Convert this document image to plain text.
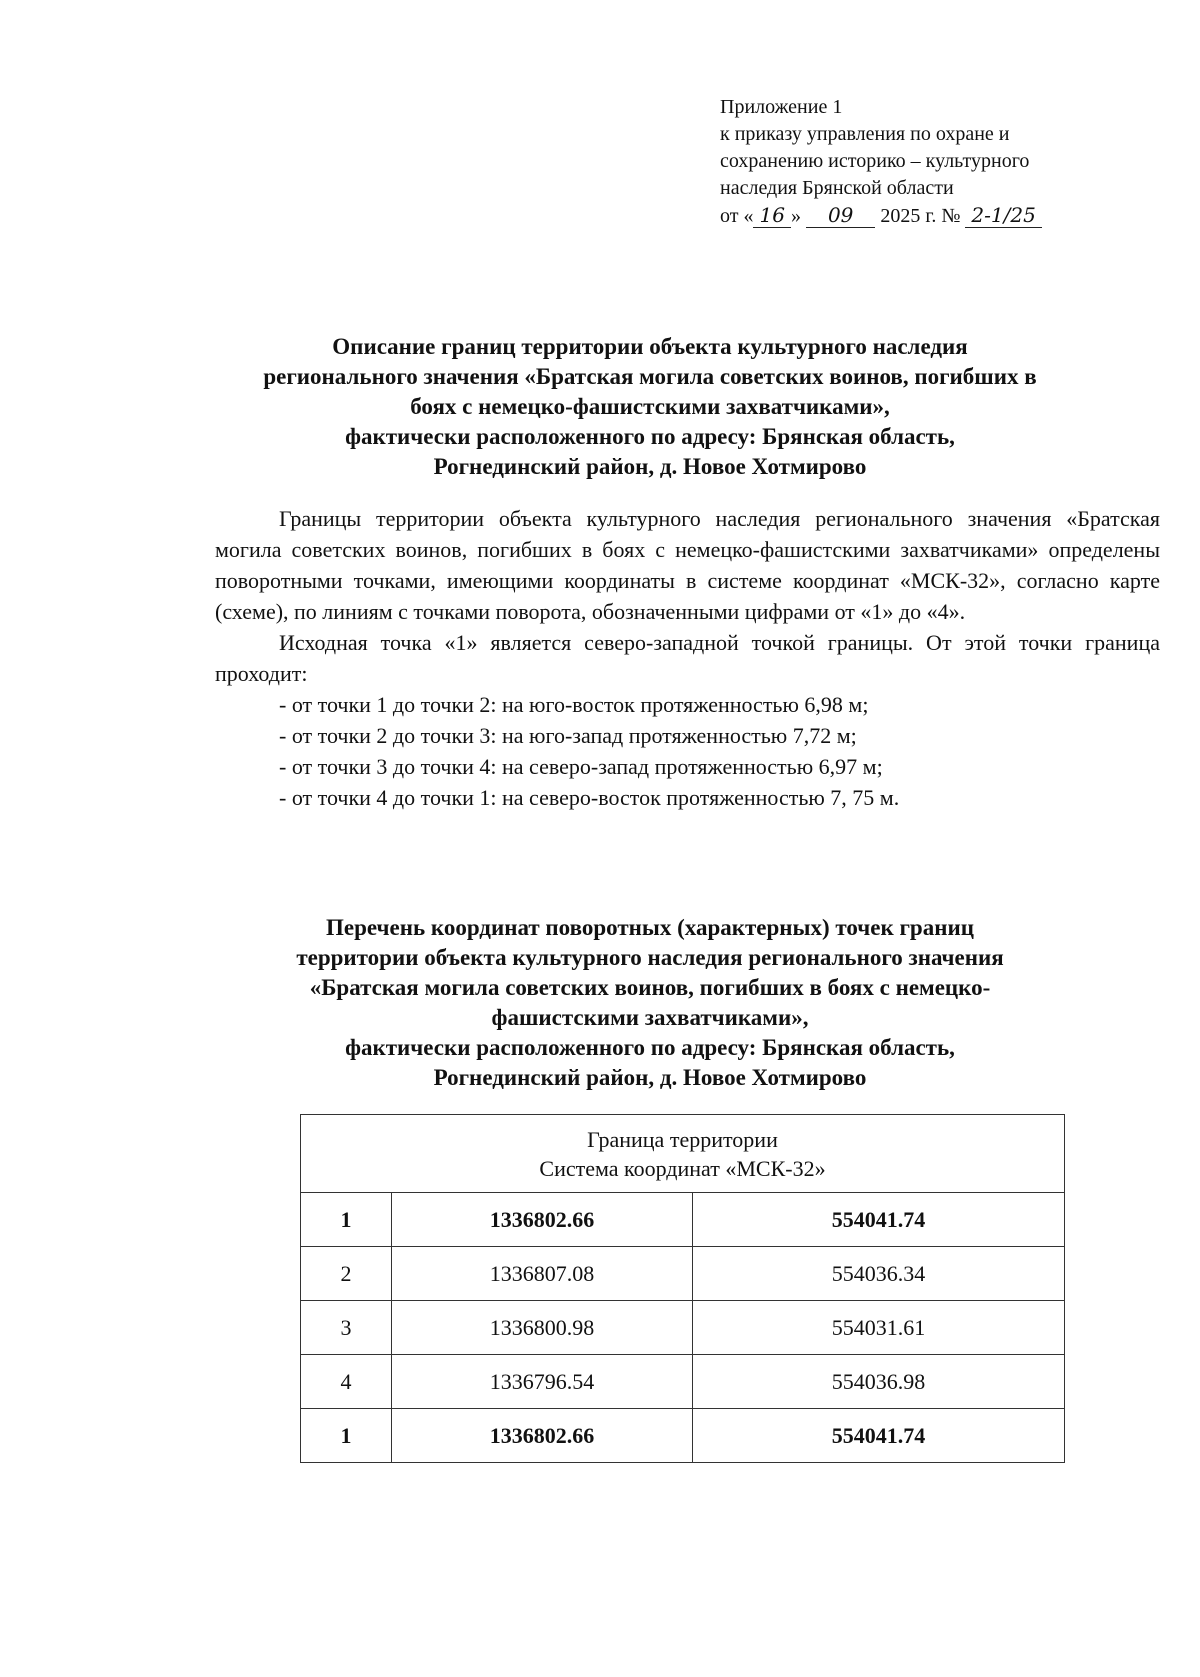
Приложение 1
к приказу управления по охране и
сохранению историко – культурного
наследия Брянской области
от « 16 » 09 2025 г. № 2-1/25
Описание границ территории объекта культурного наследия
регионального значения «Братская могила советских воинов, погибших в
боях с немецко-фашистскими захватчиками»,
фактически расположенного по адресу: Брянская область,
Рогнединский район, д. Новое Хотмирово

Границы территории объекта культурного наследия регионального значения «Братская могила советских воинов, погибших в боях с немецко-фашистскими захватчиками» определены поворотными точками, имеющими координаты в системе координат «МСК-32», согласно карте (схеме), по линиям с точками поворота, обозначенными цифрами от «1» до «4».

Исходная точка «1» является северо-западной точкой границы. От этой точки граница проходит:

- от точки 1 до точки 2: на юго-восток протяженностью 6,98 м;
- от точки 2 до точки 3: на юго-запад протяженностью 7,72 м;
- от точки 3 до точки 4: на северо-запад протяженностью 6,97 м;
- от точки 4 до точки 1: на северо-восток протяженностью 7, 75 м.
Перечень координат поворотных (характерных) точек границ
территории объекта культурного наследия регионального значения
«Братская могила советских воинов, погибших в боях с немецко-
фашистскими захватчиками»,
фактически расположенного по адресу: Брянская область,
Рогнединский район, д. Новое Хотмирово
Граница территории
Система координат «МСК-32»		

1	1336802.66	554041.74
2	1336807.08	554036.34
3	1336800.98	554031.61
4	1336796.54	554036.98
1	1336802.66	554041.74
